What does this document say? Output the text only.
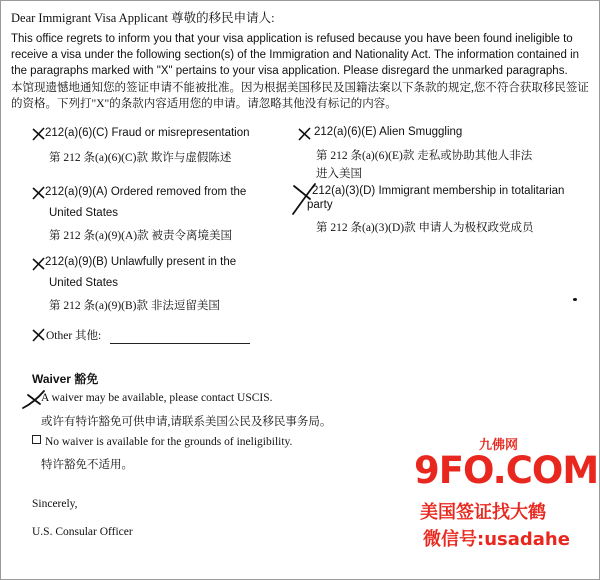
Dear Immigrant Visa Applicant 尊敬的移民申请人:
This office regrets to inform you that your visa application is refused because you have been found ineligible to receive a visa under the following section(s) of the Immigration and Nationality Act. The information contained in the paragraphs marked with "X" pertains to your visa application. Please disregard the unmarked paragraphs.
本馆现遗憾地通知您的签证申请不能被批准。因为根据美国移民及国籍法案以下条款的规定,您不符合获取移民签证的资格。下列打"X"的条款内容适用您的申请。请忽略其他没有标记的内容。
212(a)(6)(C) Fraud or misrepresentation
第 212 条(a)(6)(C)款 欺诈与虚假陈述
212(a)(9)(A) Ordered removed from the
United States
第 212 条(a)(9)(A)款 被责令离境美国
212(a)(9)(B) Unlawfully present in the
United States
第 212 条(a)(9)(B)款 非法逗留美国
Other 其他:
212(a)(6)(E) Alien Smuggling
第 212 条(a)(6)(E)款 走私或协助其他人非法
进入美国
212(a)(3)(D) Immigrant membership in totalitarian
party
第 212 条(a)(3)(D)款 申请人为极权政党成员
Waiver 豁免
A waiver may be available, please contact USCIS.
或许有特许豁免可供申请,请联系美国公民及移民事务局。
No waiver is available for the grounds of ineligibility.
特许豁免不适用。
Sincerely,
U.S. Consular Officer
九佛网
9FO.COM
美国签证找大鹤
微信号:usadahe
